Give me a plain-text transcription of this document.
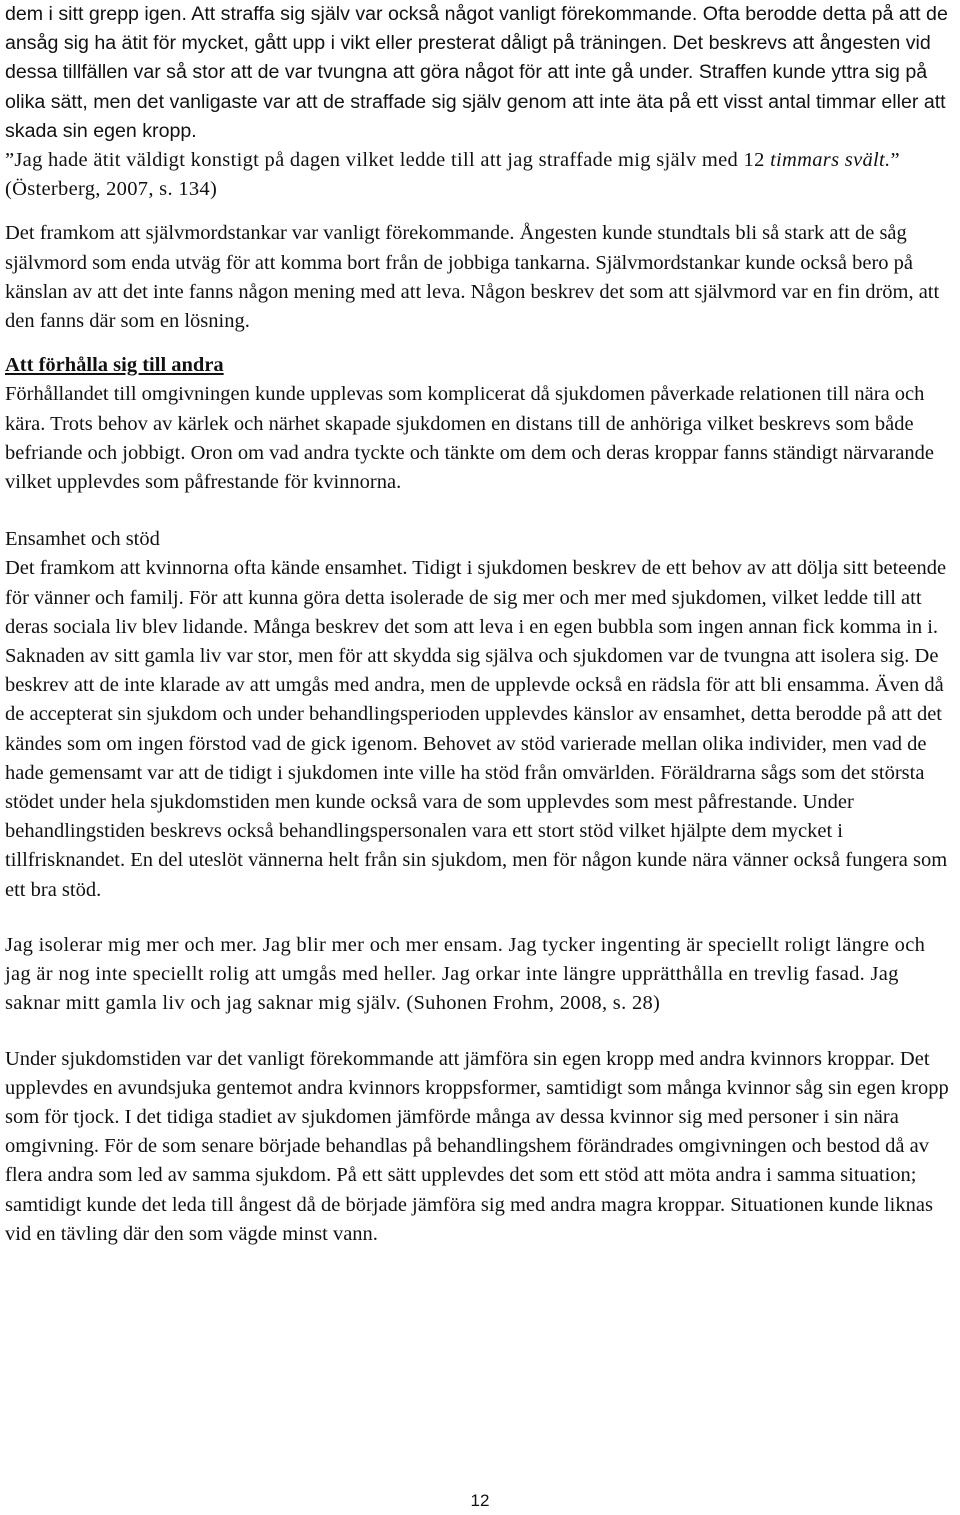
dem i sitt grepp igen. Att straffa sig själv var också något vanligt förekommande. Ofta berodde detta på att de ansåg sig ha ätit för mycket, gått upp i vikt eller presterat dåligt på träningen. Det beskrevs att ångesten vid dessa tillfällen var så stor att de var tvungna att göra något för att inte gå under. Straffen kunde yttra sig på olika sätt, men det vanligaste var att de straffade sig själv genom att inte äta på ett visst antal timmar eller att skada sin egen kropp.

”Jag hade ätit väldigt konstigt på dagen vilket ledde till att jag straffade mig själv med 12 timmars svält.” (Österberg, 2007, s. 134)

Det framkom att självmordstankar var vanligt förekommande. Ångesten kunde stundtals bli så stark att de såg självmord som enda utväg för att komma bort från de jobbiga tankarna. Självmordstankar kunde också bero på känslan av att det inte fanns någon mening med att leva. Någon beskrev det som att självmord var en fin dröm, att den fanns där som en lösning.

Att förhålla sig till andra

Förhållandet till omgivningen kunde upplevas som komplicerat då sjukdomen påverkade relationen till nära och kära. Trots behov av kärlek och närhet skapade sjukdomen en distans till de anhöriga vilket beskrevs som både befriande och jobbigt. Oron om vad andra tyckte och tänkte om dem och deras kroppar fanns ständigt närvarande vilket upplevdes som påfrestande för kvinnorna.

Ensamhet och stöd

Det framkom att kvinnorna ofta kände ensamhet. Tidigt i sjukdomen beskrev de ett behov av att dölja sitt beteende för vänner och familj. För att kunna göra detta isolerade de sig mer och mer med sjukdomen, vilket ledde till att deras sociala liv blev lidande. Många beskrev det som att leva i en egen bubbla som ingen annan fick komma in i. Saknaden av sitt gamla liv var stor, men för att skydda sig själva och sjukdomen var de tvungna att isolera sig. De beskrev att de inte klarade av att umgås med andra, men de upplevde också en rädsla för att bli ensamma. Även då de accepterat sin sjukdom och under behandlingsperioden upplevdes känslor av ensamhet, detta berodde på att det kändes som om ingen förstod vad de gick igenom. Behovet av stöd varierade mellan olika individer, men vad de hade gemensamt var att de tidigt i sjukdomen inte ville ha stöd från omvärlden. Föräldrarna sågs som det största stödet under hela sjukdomstiden men kunde också vara de som upplevdes som mest påfrestande. Under behandlingstiden beskrevs också behandlingspersonalen vara ett stort stöd vilket hjälpte dem mycket i tillfrisknandet. En del uteslöt vännerna helt från sin sjukdom, men för någon kunde nära vänner också fungera som ett bra stöd.

Jag isolerar mig mer och mer. Jag blir mer och mer ensam. Jag tycker ingenting är speciellt roligt längre och jag är nog inte speciellt rolig att umgås med heller. Jag orkar inte längre upprätthålla en trevlig fasad. Jag saknar mitt gamla liv och jag saknar mig själv. (Suhonen Frohm, 2008, s. 28)

Under sjukdomstiden var det vanligt förekommande att jämföra sin egen kropp med andra kvinnors kroppar. Det upplevdes en avundsjuka gentemot andra kvinnors kroppsformer, samtidigt som många kvinnor såg sin egen kropp som för tjock. I det tidiga stadiet av sjukdomen jämförde många av dessa kvinnor sig med personer i sin nära omgivning. För de som senare började behandlas på behandlingshem förändrades omgivningen och bestod då av flera andra som led av samma sjukdom. På ett sätt upplevdes det som ett stöd att möta andra i samma situation; samtidigt kunde det leda till ångest då de började jämföra sig med andra magra kroppar. Situationen kunde liknas vid en tävling där den som vägde minst vann.

12
